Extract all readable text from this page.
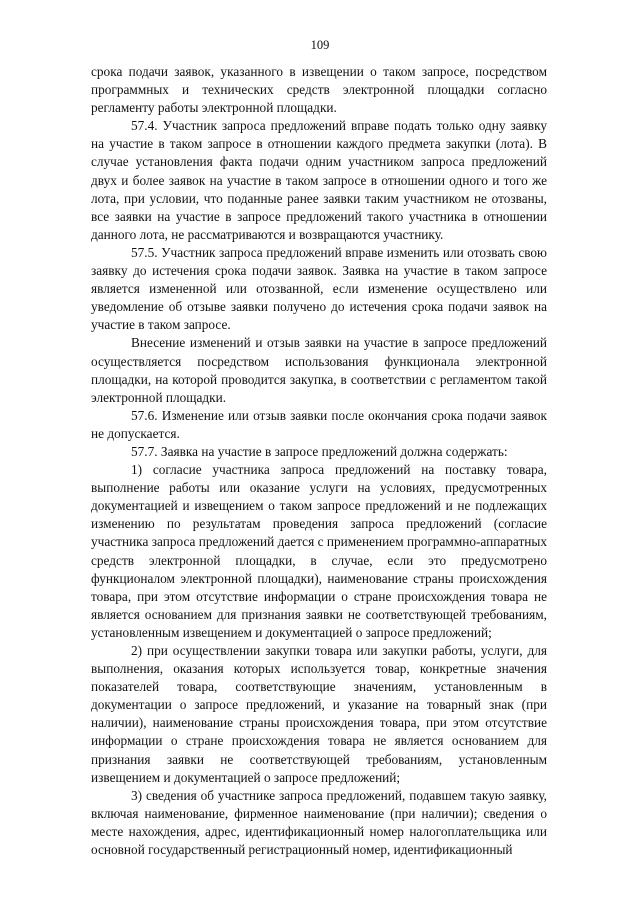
109

срока подачи заявок, указанного в извещении о таком запросе, посредством программных и технических средств электронной площадки согласно регламенту работы электронной площадки.

57.4. Участник запроса предложений вправе подать только одну заявку на участие в таком запросе в отношении каждого предмета закупки (лота). В случае установления факта подачи одним участником запроса предложений двух и более заявок на участие в таком запросе в отношении одного и того же лота, при условии, что поданные ранее заявки таким участником не отозваны, все заявки на участие в запросе предложений такого участника в отношении данного лота, не рассматриваются и возвращаются участнику.

57.5. Участник запроса предложений вправе изменить или отозвать свою заявку до истечения срока подачи заявок. Заявка на участие в таком запросе является измененной или отозванной, если изменение осуществлено или уведомление об отзыве заявки получено до истечения срока подачи заявок на участие в таком запросе.

Внесение изменений и отзыв заявки на участие в запросе предложений осуществляется посредством использования функционала электронной площадки, на которой проводится закупка, в соответствии с регламентом такой электронной площадки.

57.6. Изменение или отзыв заявки после окончания срока подачи заявок не допускается.

57.7. Заявка на участие в запросе предложений должна содержать:

1) согласие участника запроса предложений на поставку товара, выполнение работы или оказание услуги на условиях, предусмотренных документацией и извещением о таком запросе предложений и не подлежащих изменению по результатам проведения запроса предложений (согласие участника запроса предложений дается с применением программно-аппаратных средств электронной площадки, в случае, если это предусмотрено функционалом электронной площадки), наименование страны происхождения товара, при этом отсутствие информации о стране происхождения товара не является основанием для признания заявки не соответствующей требованиям, установленным извещением и документацией о запросе предложений;

2) при осуществлении закупки товара или закупки работы, услуги, для выполнения, оказания которых используется товар, конкретные значения показателей товара, соответствующие значениям, установленным в документации о запросе предложений, и указание на товарный знак (при наличии), наименование страны происхождения товара, при этом отсутствие информации о стране происхождения товара не является основанием для признания заявки не соответствующей требованиям, установленным извещением и документацией о запросе предложений;

3) сведения об участнике запроса предложений, подавшем такую заявку, включая наименование, фирменное наименование (при наличии); сведения о месте нахождения, адрес, идентификационный номер налогоплательщика или основной государственный регистрационный номер, идентификационный
